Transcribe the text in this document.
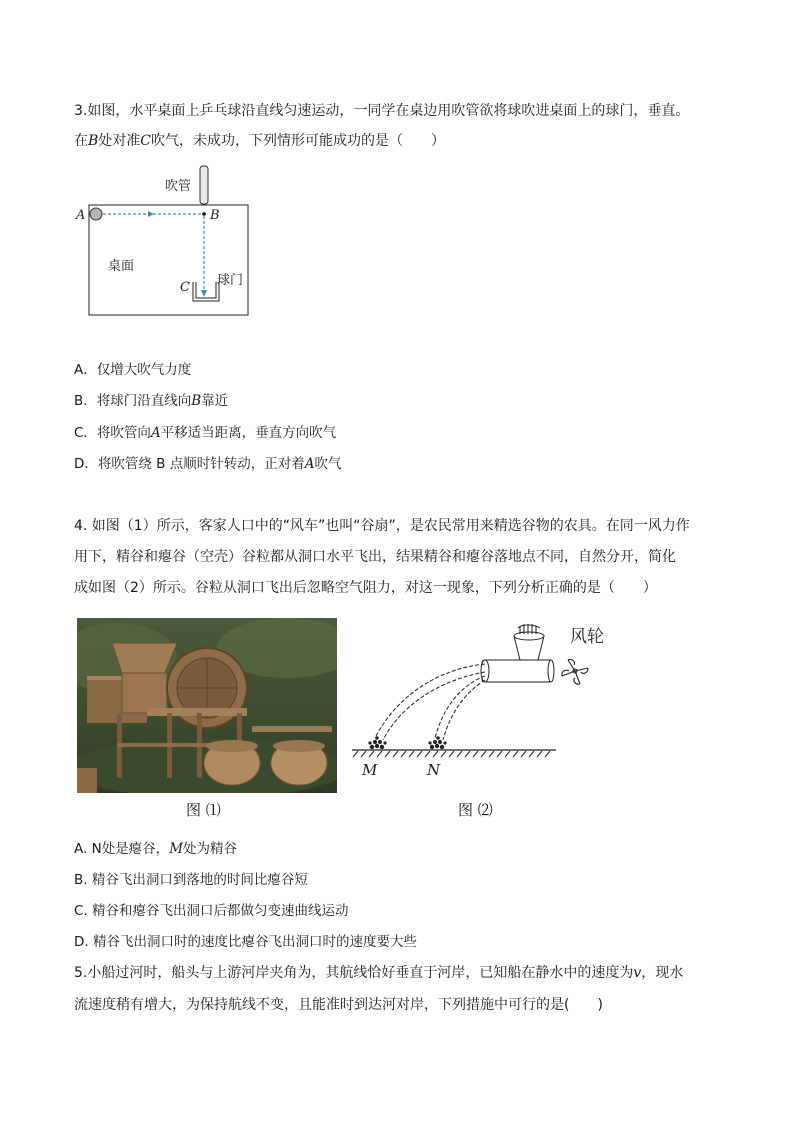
3.如图，水平桌面上乒乓球沿直线匀速运动，一同学在桌边用吹管欲将球吹进桌面上的球门，垂直。
在B处对准C吹气，未成功，下列情形可能成功的是（　　）
吹管
A	B
C
桌面
球门
A．仅增大吹气力度
B．将球门沿直线向B靠近
C．将吹管向A平移适当距离，垂直方向吹气
D．将吹管绕 B 点顺时针转动，正对着A吹气
4. 如图（1）所示，客家人口中的“风车”也叫“谷扇”，是农民常用来精选谷物的农具。在同一风力作
用下，精谷和瘪谷（空壳）谷粒都从洞口水平飞出，结果精谷和瘪谷落地点不同，自然分开，简化
成如图（2）所示。谷粒从洞口飞出后忽略空气阻力，对这一现象，下列分析正确的是（　　）
图 ⑴
风轮
M	N
图 ⑵
A. N处是瘪谷，M处为精谷
B. 精谷飞出洞口到落地的时间比瘪谷短
C. 精谷和瘪谷飞出洞口后都做匀变速曲线运动
D. 精谷飞出洞口时的速度比瘪谷飞出洞口时的速度要大些
5.小船过河时，船头与上游河岸夹角为，其航线恰好垂直于河岸，已知船在静水中的速度为v，现水
流速度稍有增大，为保持航线不变，且能准时到达河对岸，下列措施中可行的是(　　)
